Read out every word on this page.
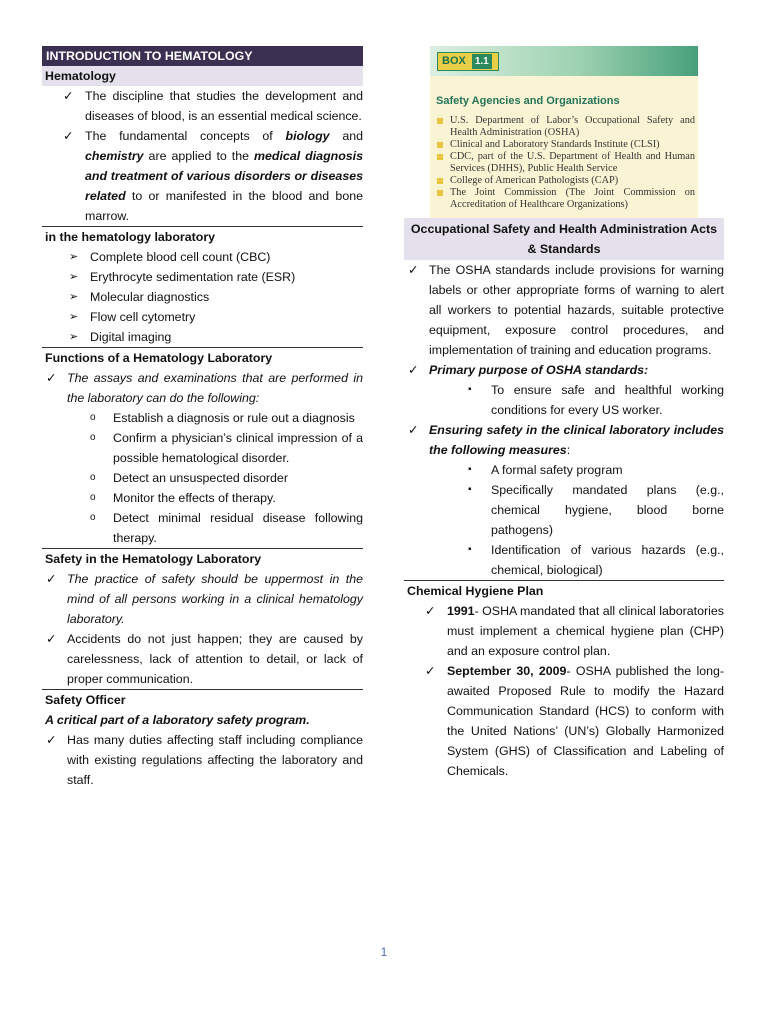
INTRODUCTION TO HEMATOLOGY
Hematology
✓ The discipline that studies the development and diseases of blood, is an essential medical science.
✓ The fundamental concepts of biology and chemistry are applied to the medical diagnosis and treatment of various disorders or diseases related to or manifested in the blood and bone marrow.
in the hematology laboratory
➢ Complete blood cell count (CBC)
➢ Erythrocyte sedimentation rate (ESR)
➢ Molecular diagnostics
➢ Flow cell cytometry
➢ Digital imaging
Functions of a Hematology Laboratory
✓ The assays and examinations that are performed in the laboratory can do the following:
o Establish a diagnosis or rule out a diagnosis
o Confirm a physician’s clinical impression of a possible hematological disorder.
o Detect an unsuspected disorder
o Monitor the effects of therapy.
o Detect minimal residual disease following therapy.
Safety in the Hematology Laboratory
✓ The practice of safety should be uppermost in the mind of all persons working in a clinical hematology laboratory.
✓ Accidents do not just happen; they are caused by carelessness, lack of attention to detail, or lack of proper communication.
Safety Officer
A critical part of a laboratory safety program.
✓ Has many duties affecting staff including compliance with existing regulations affecting the laboratory and staff.
BOX 1.1
Safety Agencies and Organizations
U.S. Department of Labor’s Occupational Safety and Health Administration (OSHA)
Clinical and Laboratory Standards Institute (CLSI)
CDC, part of the U.S. Department of Health and Human Services (DHHS), Public Health Service
College of American Pathologists (CAP)
The Joint Commission (The Joint Commission on Accreditation of Healthcare Organizations)
Occupational Safety and Health Administration Acts & Standards
✓ The OSHA standards include provisions for warning labels or other appropriate forms of warning to alert all workers to potential hazards, suitable protective equipment, exposure control procedures, and implementation of training and education programs.
✓ Primary purpose of OSHA standards:
▪ To ensure safe and healthful working conditions for every US worker.
✓ Ensuring safety in the clinical laboratory includes the following measures:
▪ A formal safety program
▪ Specifically mandated plans (e.g., chemical hygiene, blood borne pathogens)
▪ Identification of various hazards (e.g., chemical, biological)
Chemical Hygiene Plan
✓ 1991- OSHA mandated that all clinical laboratories must implement a chemical hygiene plan (CHP) and an exposure control plan.
✓ September 30, 2009- OSHA published the long-awaited Proposed Rule to modify the Hazard Communication Standard (HCS) to conform with the United Nations’ (UN’s) Globally Harmonized System (GHS) of Classification and Labeling of Chemicals.
1
